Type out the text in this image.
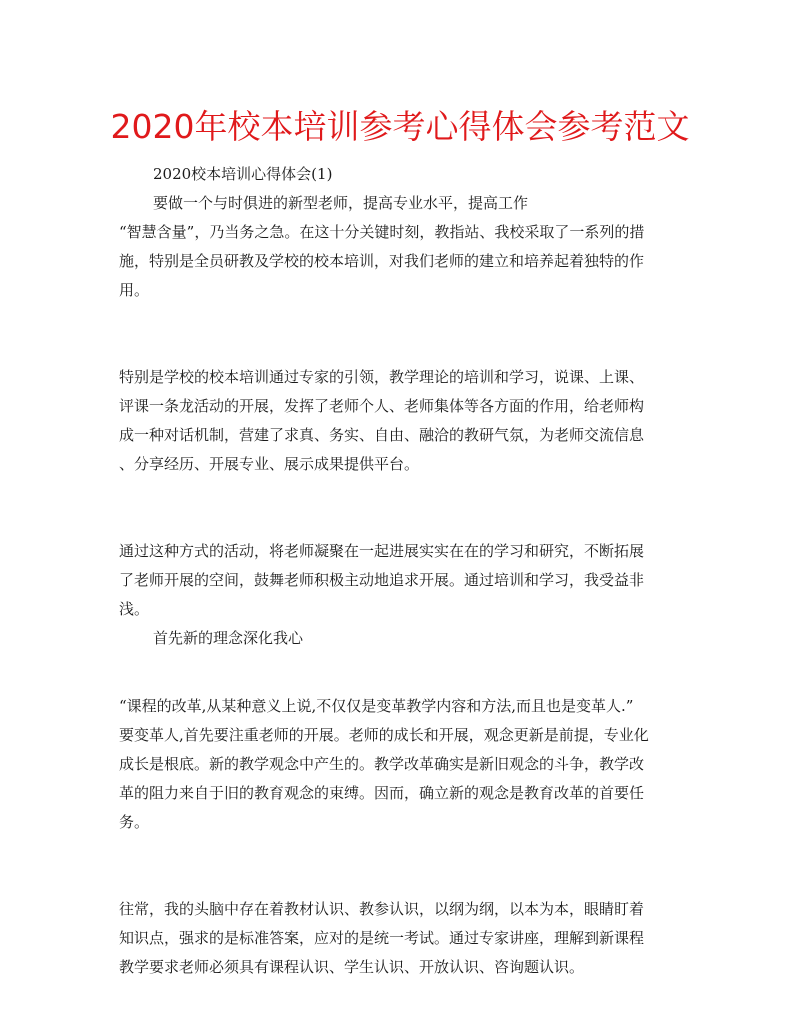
2020年校本培训参考心得体会参考范文

2020校本培训心得体会(1)

要做一个与时俱进的新型老师，提高专业水平，提高工作
“智慧含量”，乃当务之急。在这十分关键时刻，教指站、我校采取了一系列的措
施，特别是全员研教及学校的校本培训，对我们老师的建立和培养起着独特的作
用。

特别是学校的校本培训通过专家的引领，教学理论的培训和学习，说课、上课、
评课一条龙活动的开展，发挥了老师个人、老师集体等各方面的作用，给老师构
成一种对话机制，营建了求真、务实、自由、融洽的教研气氛，为老师交流信息
、分享经历、开展专业、展示成果提供平台。

通过这种方式的活动，将老师凝聚在一起进展实实在在的学习和研究，不断拓展
了老师开展的空间，鼓舞老师积极主动地追求开展。通过培训和学习，我受益非
浅。

首先新的理念深化我心

“课程的改革,从某种意义上说,不仅仅是变革教学内容和方法,而且也是变革人.”
要变革人,首先要注重老师的开展。老师的成长和开展，观念更新是前提，专业化
成长是根底。新的教学观念中产生的。教学改革确实是新旧观念的斗争，教学改
革的阻力来自于旧的教育观念的束缚。因而，确立新的观念是教育改革的首要任
务。

往常，我的头脑中存在着教材认识、教参认识，以纲为纲，以本为本，眼睛盯着
知识点，强求的是标准答案，应对的是统一考试。通过专家讲座，理解到新课程
教学要求老师必须具有课程认识、学生认识、开放认识、咨询题认识。
